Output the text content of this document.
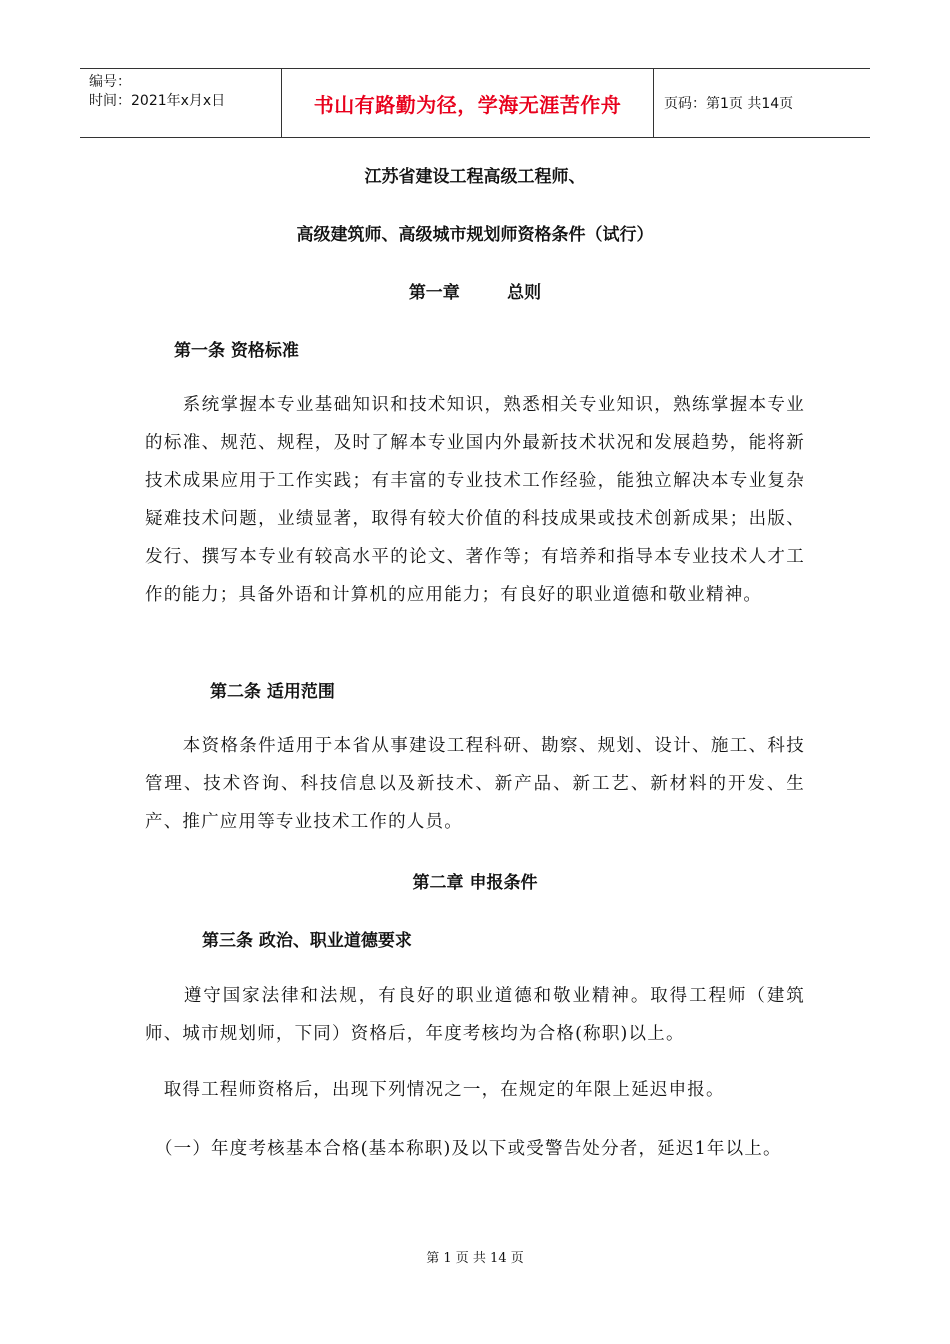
编号：
时间：2021年x月x日	书山有路勤为径，学海无涯苦作舟	页码：第1页 共14页
江苏省建设工程高级工程师、
高级建筑师、高级城市规划师资格条件（试行）
第一章        总则
第一条 资格标准
　　系统掌握本专业基础知识和技术知识，熟悉相关专业知识，熟练掌握本专业的标准、规范、规程，及时了解本专业国内外最新技术状况和发展趋势，能将新技术成果应用于工作实践；有丰富的专业技术工作经验，能独立解决本专业复杂疑难技术问题，业绩显著，取得有较大价值的科技成果或技术创新成果；出版、发行、撰写本专业有较高水平的论文、著作等；有培养和指导本专业技术人才工作的能力；具备外语和计算机的应用能力；有良好的职业道德和敬业精神。
第二条 适用范围
　　本资格条件适用于本省从事建设工程科研、勘察、规划、设计、施工、科技管理、技术咨询、科技信息以及新技术、新产品、新工艺、新材料的开发、生产、推广应用等专业技术工作的人员。
第二章 申报条件
第三条 政治、职业道德要求
　　遵守国家法律和法规，有良好的职业道德和敬业精神。取得工程师（建筑师、城市规划师，下同）资格后，年度考核均为合格(称职)以上。
　取得工程师资格后，出现下列情况之一，在规定的年限上延迟申报。
　（一）年度考核基本合格(基本称职)及以下或受警告处分者，延迟1年以上。
第 1 页 共 14 页
